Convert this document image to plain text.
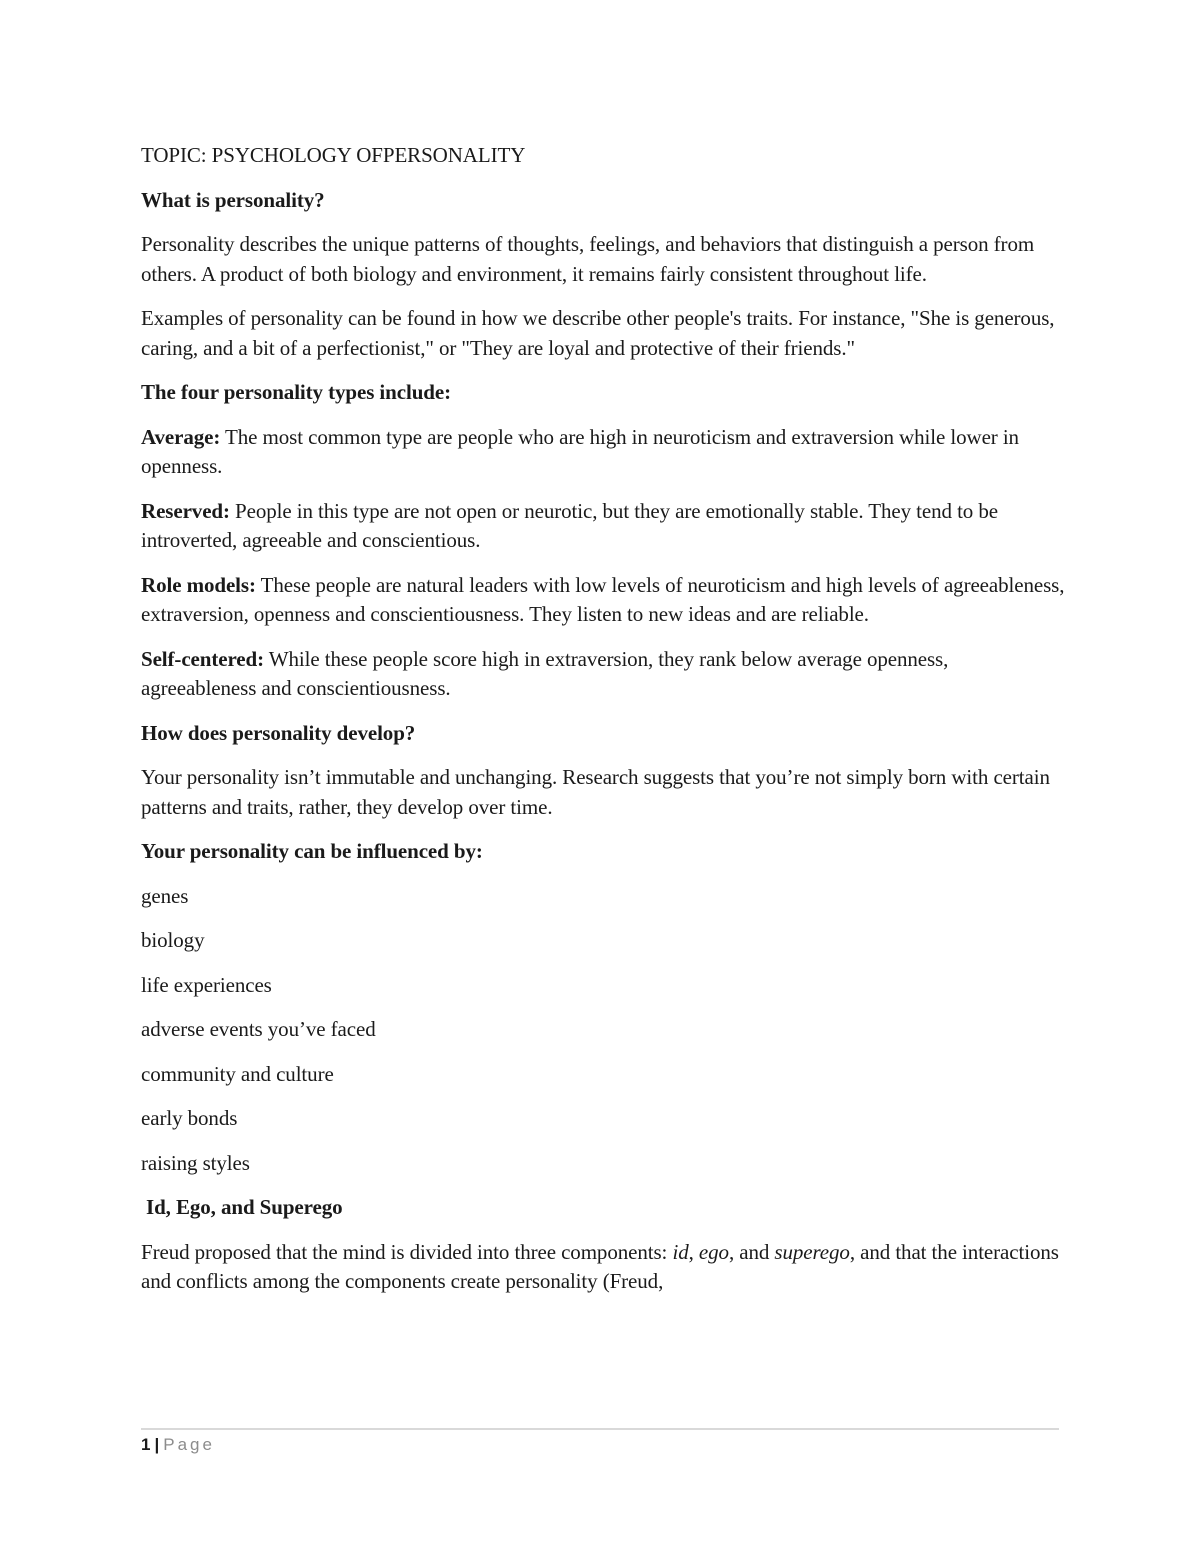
TOPIC: PSYCHOLOGY OFPERSONALITY

What is personality?

Personality describes the unique patterns of thoughts, feelings, and behaviors that distinguish a person from others. A product of both biology and environment, it remains fairly consistent throughout life.

Examples of personality can be found in how we describe other people's traits. For instance, "She is generous, caring, and a bit of a perfectionist," or "They are loyal and protective of their friends."

The four personality types include:

Average: The most common type are people who are high in neuroticism and extraversion while lower in openness.

Reserved: People in this type are not open or neurotic, but they are emotionally stable. They tend to be introverted, agreeable and conscientious.

Role models: These people are natural leaders with low levels of neuroticism and high levels of agreeableness, extraversion, openness and conscientiousness. They listen to new ideas and are reliable.

Self-centered: While these people score high in extraversion, they rank below average openness, agreeableness and conscientiousness.

How does personality develop?

Your personality isn’t immutable and unchanging. Research suggests that you’re not simply born with certain patterns and traits, rather, they develop over time.

Your personality can be influenced by:

genes

biology

life experiences

adverse events you’ve faced

community and culture

early bonds

raising styles

Id, Ego, and Superego

Freud proposed that the mind is divided into three components: id, ego, and superego, and that the interactions and conflicts among the components create personality (Freud,

1 | Page
